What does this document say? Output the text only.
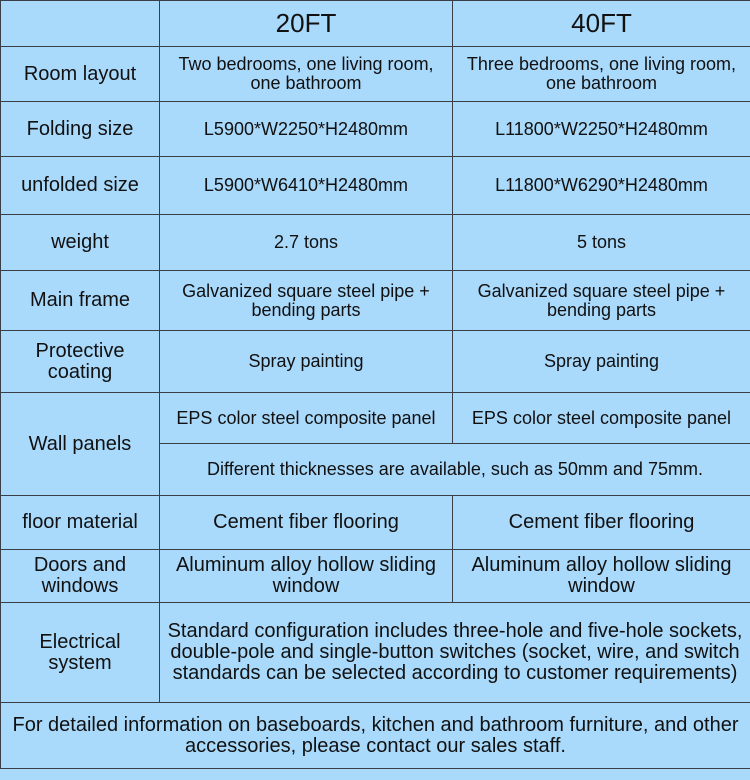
	20FT	40FT
Room layout	Two bedrooms, one living room, one bathroom	Three bedrooms, one living room, one bathroom
Folding size	L5900*W2250*H2480mm	L11800*W2250*H2480mm
unfolded size	L5900*W6410*H2480mm	L11800*W6290*H2480mm
weight	2.7 tons	5 tons
Main frame	Galvanized square steel pipe + bending parts	Galvanized square steel pipe + bending parts
Protective coating	Spray painting	Spray painting
Wall panels	EPS color steel composite panel	EPS color steel composite panel
	Different thicknesses are available, such as 50mm and 75mm.	
floor material	Cement fiber flooring	Cement fiber flooring
Doors and windows	Aluminum alloy hollow sliding window	Aluminum alloy hollow sliding window
Electrical system	Standard configuration includes three-hole and five-hole sockets, double-pole and single-button switches (socket, wire, and switch standards can be selected according to customer requirements)	
For detailed information on baseboards, kitchen and bathroom furniture, and other accessories, please contact our sales staff.		
